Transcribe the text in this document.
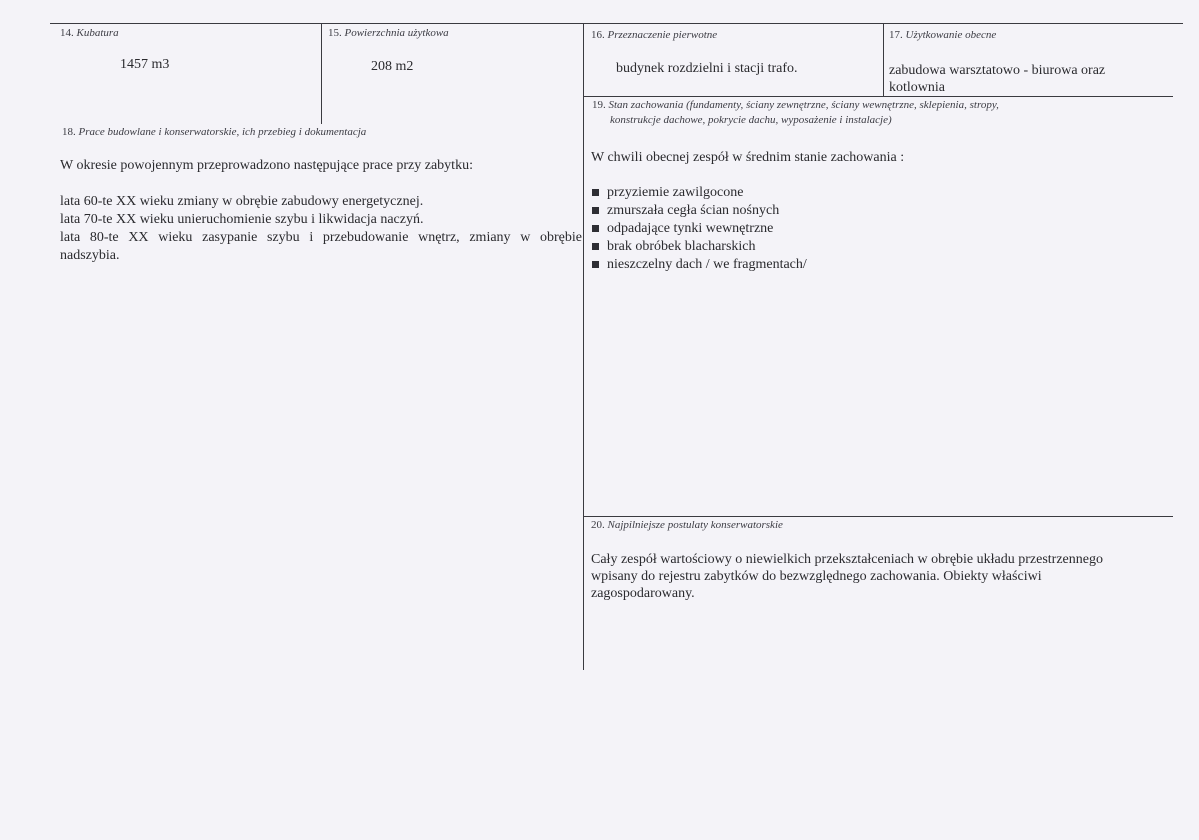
14. Kubatura
1457 m3
15. Powierzchnia użytkowa
208 m2
16. Przeznaczenie pierwotne
budynek rozdzielni i stacji trafo.
17. Użytkowanie obecne
zabudowa warsztatowo - biurowa oraz
kotlownia
18. Prace budowlane i konserwatorskie, ich przebieg i dokumentacja
W okresie powojennym przeprowadzono następujące prace przy zabytku:
lata 60-te XX wieku zmiany w obrębie zabudowy energetycznej.
lata 70-te XX wieku unieruchomienie szybu i likwidacja naczyń.
lata 80-te XX wieku zasypanie szybu i przebudowanie wnętrz, zmiany w obrębie
nadszybia.
19. Stan zachowania (fundamenty, ściany zewnętrzne, ściany wewnętrzne, sklepienia, stropy,
konstrukcje dachowe, pokrycie dachu, wyposażenie i instalacje)
W chwili obecnej zespół w średnim stanie zachowania :
przyziemie zawilgocone
zmurszała cegła ścian nośnych
odpadające tynki wewnętrzne
brak obróbek blacharskich
nieszczelny dach / we fragmentach/
20. Najpilniejsze postulaty konserwatorskie
Cały zespół wartościowy o niewielkich przekształceniach w obrębie układu przestrzennego
wpisany do rejestru zabytków do bezwzględnego zachowania. Obiekty właściwi
zagospodarowany.
